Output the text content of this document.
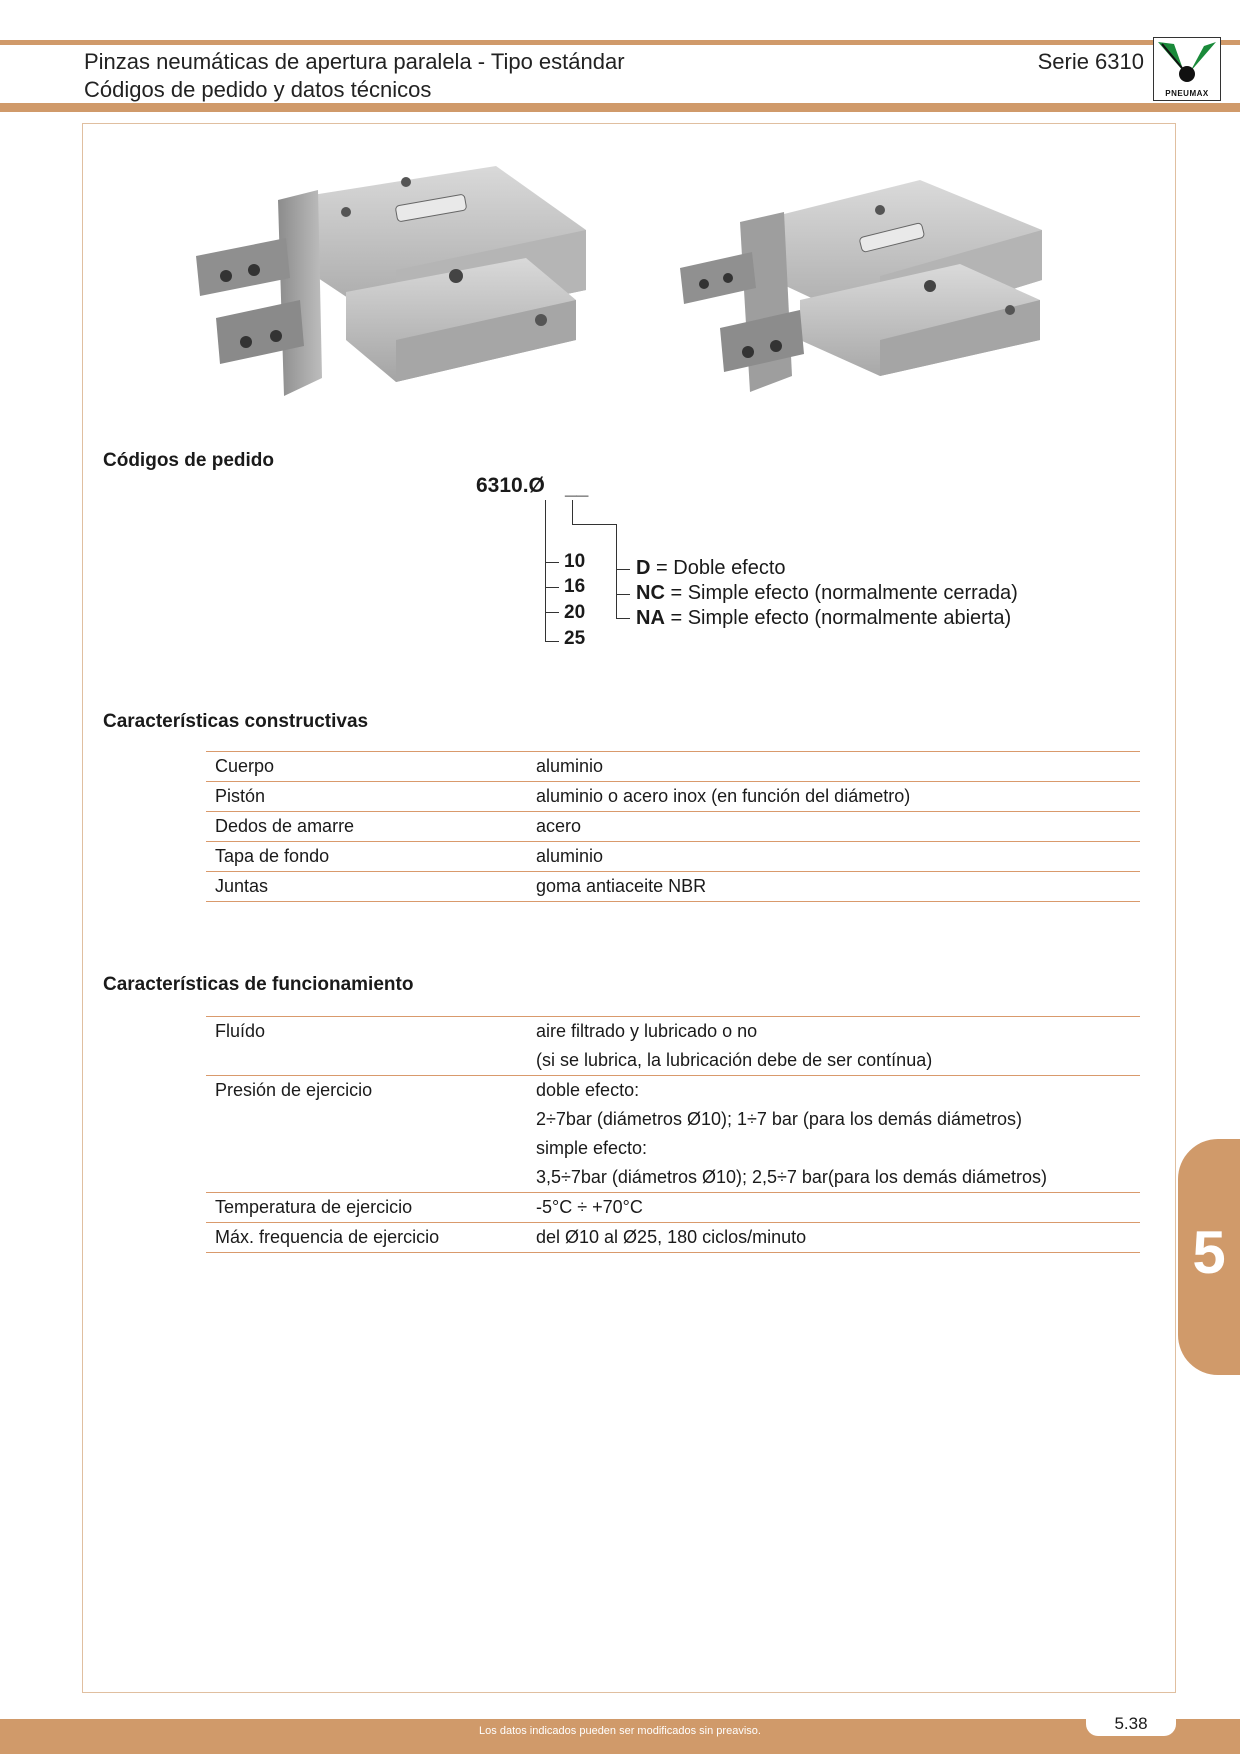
Pinzas neumáticas de apertura paralela - Tipo estándar
Códigos de pedido y datos técnicos
Serie 6310
PNEUMAX
Códigos de pedido
6310.Ø __
10
16
20
25
D = Doble efecto
NC = Simple efecto (normalmente cerrada)
NA = Simple efecto (normalmente abierta)
Características constructivas
Cuerpo	aluminio
Pistón	aluminio o acero inox (en función del diámetro)
Dedos de amarre	acero
Tapa de fondo	aluminio
Juntas	goma antiaceite NBR
Características de funcionamiento
Fluído	aire filtrado y lubricado o no
	(si se lubrica, la lubricación debe de ser contínua)
Presión de ejercicio	doble efecto:
	2÷7bar (diámetros Ø10); 1÷7 bar (para los demás diámetros)
	simple efecto:
	3,5÷7bar (diámetros Ø10); 2,5÷7 bar(para los demás diámetros)
Temperatura de ejercicio	-5°C ÷ +70°C
Máx. frequencia de ejercicio	del Ø10 al Ø25, 180 ciclos/minuto	5
Los datos indicados pueden ser modificados sin preaviso.	5.38
